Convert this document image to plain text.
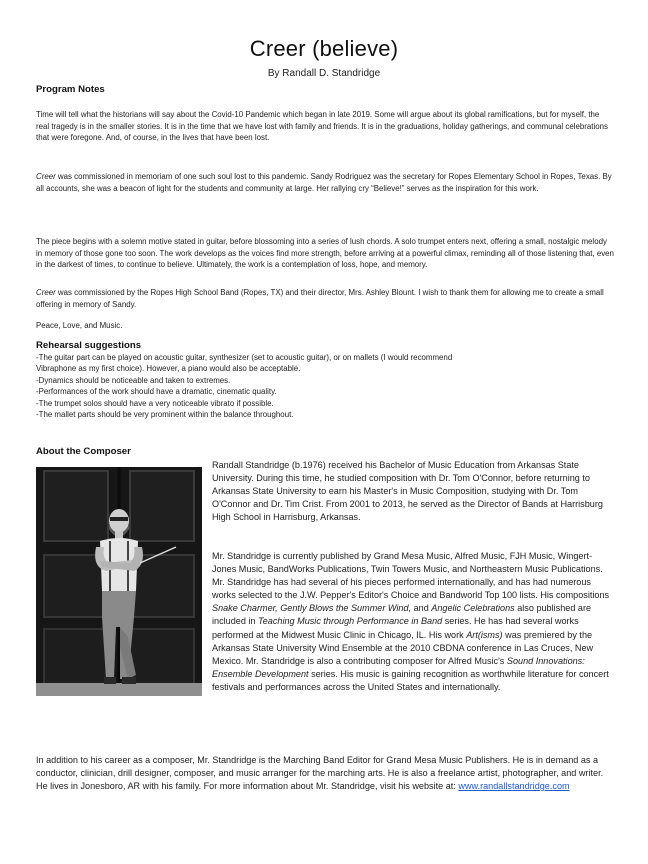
Creer (believe)
By Randall D. Standridge
Program Notes

Time will tell what the historians will say about the Covid-10 Pandemic which began in late 2019. Some will argue about its global ramifications, but for myself, the real tragedy is in the smaller stories. It is in the time that we have lost with family and friends. It is in the graduations, holiday gatherings, and communal celebrations that were foregone. And, of course, in the lives that have been lost.

Creer was commissioned in memoriam of one such soul lost to this pandemic. Sandy Rodriguez was the secretary for Ropes Elementary School in Ropes, Texas. By all accounts, she was a beacon of light for the students and community at large. Her rallying cry “Believe!” serves as the inspiration for this work.

The piece begins with a solemn motive stated in guitar, before blossoming into a series of lush chords. A solo trumpet enters next, offering a small, nostalgic melody in memory of those gone too soon. The work develops as the voices find more strength, before arriving at a powerful climax, reminding all of those listening that, even in the darkest of times, to continue to believe. Ultimately, the work is a contemplation of loss, hope, and memory.

Creer was commissioned by the Ropes High School Band (Ropes, TX) and their director, Mrs. Ashley Blount. I wish to thank them for allowing me to create a small offering in memory of Sandy.

Peace, Love, and Music.

Rehearsal suggestions
-The guitar part can be played on acoustic guitar, synthesizer (set to acoustic guitar), or on mallets (I would recommend
Vibraphone as my first choice). However, a piano would also be acceptable.
-Dynamics should be noticeable and taken to extremes.
-Performances of the work should have a dramatic, cinematic quality.
-The trumpet solos should have a very noticeable vibrato if possible.
-The mallet parts should be very prominent within the balance throughout.
About the Composer

Randall Standridge (b.1976) received his Bachelor of Music Education from Arkansas State University. During this time, he studied composition with Dr. Tom O'Connor, before returning to Arkansas State University to earn his Master's in Music Composition, studying with Dr. Tom O'Connor and Dr. Tim Crist. From 2001 to 2013, he served as the Director of Bands at Harrisburg High School in Harrisburg, Arkansas.

Mr. Standridge is currently published by Grand Mesa Music, Alfred Music, FJH Music, Wingert-Jones Music, BandWorks Publications, Twin Towers Music, and Northeastern Music Publications. Mr. Standridge has had several of his pieces performed internationally, and has had numerous works selected to the J.W. Pepper's Editor's Choice and Bandworld Top 100 lists. His compositions Snake Charmer, Gently Blows the Summer Wind, and Angelic Celebrations also published are included in Teaching Music through Performance in Band series. He has had several works performed at the Midwest Music Clinic in Chicago, IL. His work Art(isms) was premiered by the Arkansas State University Wind Ensemble at the 2010 CBDNA conference in Las Cruces, New Mexico. Mr. Standridge is also a contributing composer for Alfred Music's Sound Innovations: Ensemble Development series. His music is gaining recognition as worthwhile literature for concert festivals and performances across the United States and internationally.

In addition to his career as a composer, Mr. Standridge is the Marching Band Editor for Grand Mesa Music Publishers. He is in demand as a conductor, clinician, drill designer, composer, and music arranger for the marching arts. He is also a freelance artist, photographer, and writer. He lives in Jonesboro, AR with his family. For more information about Mr. Standridge, visit his website at: www.randallstandridge.com
